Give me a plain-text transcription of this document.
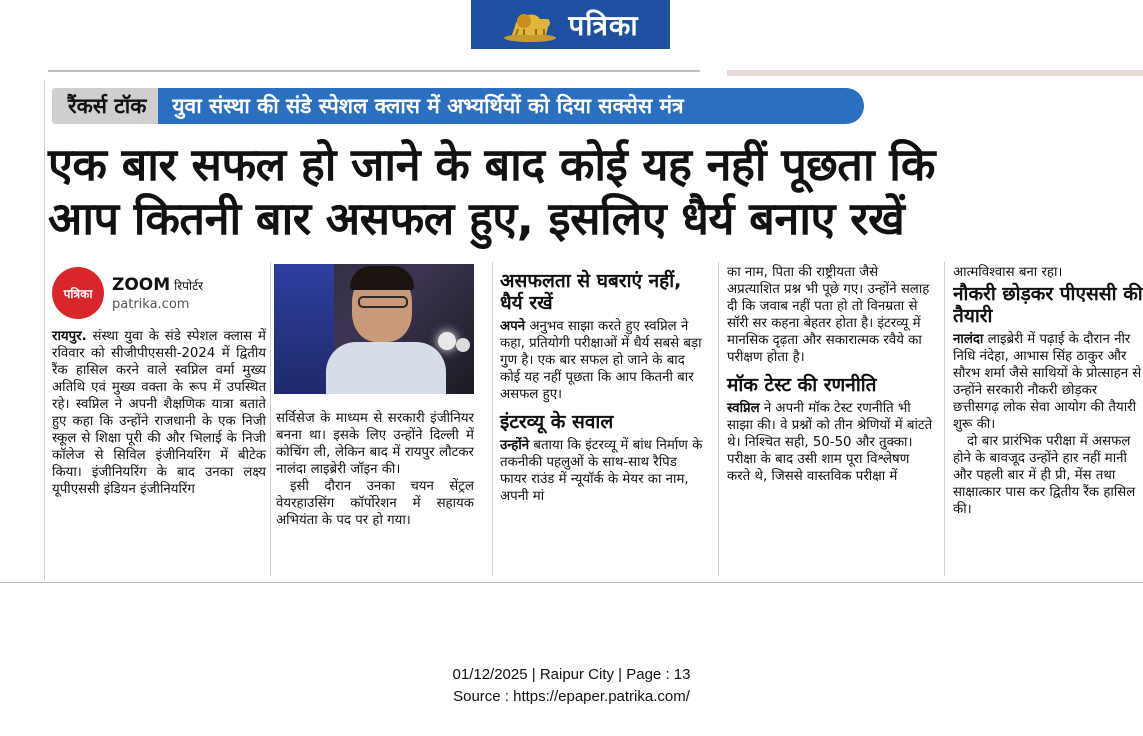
पत्रिका
रैंकर्स टॉक	युवा संस्था की संडे स्पेशल क्लास में अभ्यर्थियों को दिया सक्सेस मंत्र
एक बार सफल हो जाने के बाद कोई यह नहीं पूछता कि
आप कितनी बार असफल हुए, इसलिए धैर्य बनाए रखें
पत्रिका	ZOOM रिपोर्टर
patrika.com

रायपुर. संस्था युवा के संडे स्पेशल क्लास में रविवार को सीजीपीएससी-2024 में द्वितीय रैंक हासिल करने वाले स्वप्निल वर्मा मुख्य अतिथि एवं मुख्य वक्ता के रूप में उपस्थित रहे। स्वप्निल ने अपनी शैक्षणिक यात्रा बताते हुए कहा कि उन्होंने राजधानी के एक निजी स्कूल से शिक्षा पूरी की और भिलाई के निजी कॉलेज से सिविल इंजीनियरिंग में बीटेक किया। इंजीनियरिंग के बाद उनका लक्ष्य यूपीएससी इंडियन इंजीनियरिंग

सर्विसेज के माध्यम से सरकारी इंजीनियर बनना था। इसके लिए उन्होंने दिल्ली में कोचिंग ली, लेकिन बाद में रायपुर लौटकर नालंदा लाइब्रेरी जॉइन की।

इसी दौरान उनका चयन सेंट्रल वेयरहाउसिंग कॉर्पोरेशन में सहायक अभियंता के पद पर हो गया।

असफलता से घबराएं नहीं, धैर्य रखें

अपने अनुभव साझा करते हुए स्वप्निल ने कहा, प्रतियोगी परीक्षाओं में धैर्य सबसे बड़ा गुण है। एक बार सफल हो जाने के बाद कोई यह नहीं पूछता कि आप कितनी बार असफल हुए।

इंटरव्यू के सवाल

उन्होंने बताया कि इंटरव्यू में बांध निर्माण के तकनीकी पहलुओं के साथ-साथ रैपिड फायर राउंड में न्यूयॉर्क के मेयर का नाम, अपनी मां

का नाम, पिता की राष्ट्रीयता जैसे अप्रत्याशित प्रश्न भी पूछे गए। उन्होंने सलाह दी कि जवाब नहीं पता हो तो विनम्रता से सॉरी सर कहना बेहतर होता है। इंटरव्यू में मानसिक दृढ़ता और सकारात्मक रवैये का परीक्षण होता है।

मॉक टेस्ट की रणनीति

स्वप्निल ने अपनी मॉक टेस्ट रणनीति भी साझा की। वे प्रश्नों को तीन श्रेणियों में बांटते थे। निश्चित सही, 50-50 और तुक्का। परीक्षा के बाद उसी शाम पूरा विश्लेषण करते थे, जिससे वास्तविक परीक्षा में

आत्मविश्वास बना रहा।

नौकरी छोड़कर पीएससी की तैयारी

नालंदा लाइब्रेरी में पढ़ाई के दौरान नीर निधि नंदेहा, आभास सिंह ठाकुर और सौरभ शर्मा जैसे साथियों के प्रोत्साहन से उन्होंने सरकारी नौकरी छोड़कर छत्तीसगढ़ लोक सेवा आयोग की तैयारी शुरू की।

दो बार प्रारंभिक परीक्षा में असफल होने के बावजूद उन्होंने हार नहीं मानी और पहली बार में ही प्री, मेंस तथा साक्षात्कार पास कर द्वितीय रैंक हासिल की।

01/12/2025 | Raipur City | Page : 13
Source : https://epaper.patrika.com/
